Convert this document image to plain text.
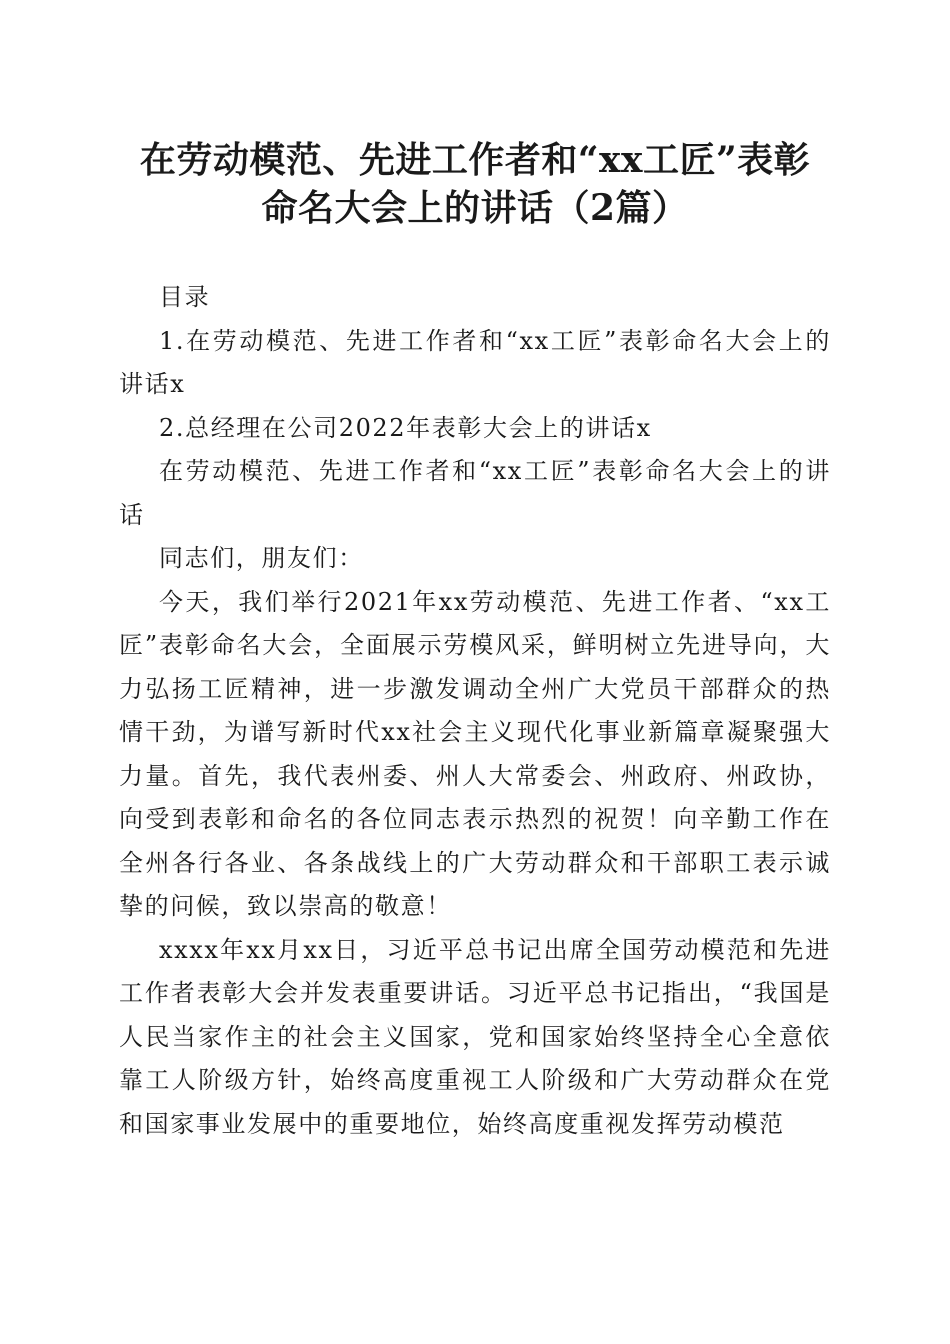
在劳动模范、先进工作者和“xx工匠”表彰
命名大会上的讲话（2篇）

目录

1.在劳动模范、先进工作者和“xx工匠”表彰命名大会上的讲话x

2.总经理在公司2022年表彰大会上的讲话x

在劳动模范、先进工作者和“xx工匠”表彰命名大会上的讲话

同志们，朋友们：

今天，我们举行2021年xx劳动模范、先进工作者、“xx工匠”表彰命名大会，全面展示劳模风采，鲜明树立先进导向，大力弘扬工匠精神，进一步激发调动全州广大党员干部群众的热情干劲，为谱写新时代xx社会主义现代化事业新篇章凝聚强大力量。首先，我代表州委、州人大常委会、州政府、州政协，向受到表彰和命名的各位同志表示热烈的祝贺！向辛勤工作在全州各行各业、各条战线上的广大劳动群众和干部职工表示诚挚的问候，致以崇高的敬意！

xxxx年xx月xx日，习近平总书记出席全国劳动模范和先进工作者表彰大会并发表重要讲话。习近平总书记指出，“我国是人民当家作主的社会主义国家，党和国家始终坚持全心全意依靠工人阶级方针，始终高度重视工人阶级和广大劳动群众在党和国家事业发展中的重要地位，始终高度重视发挥劳动模范
